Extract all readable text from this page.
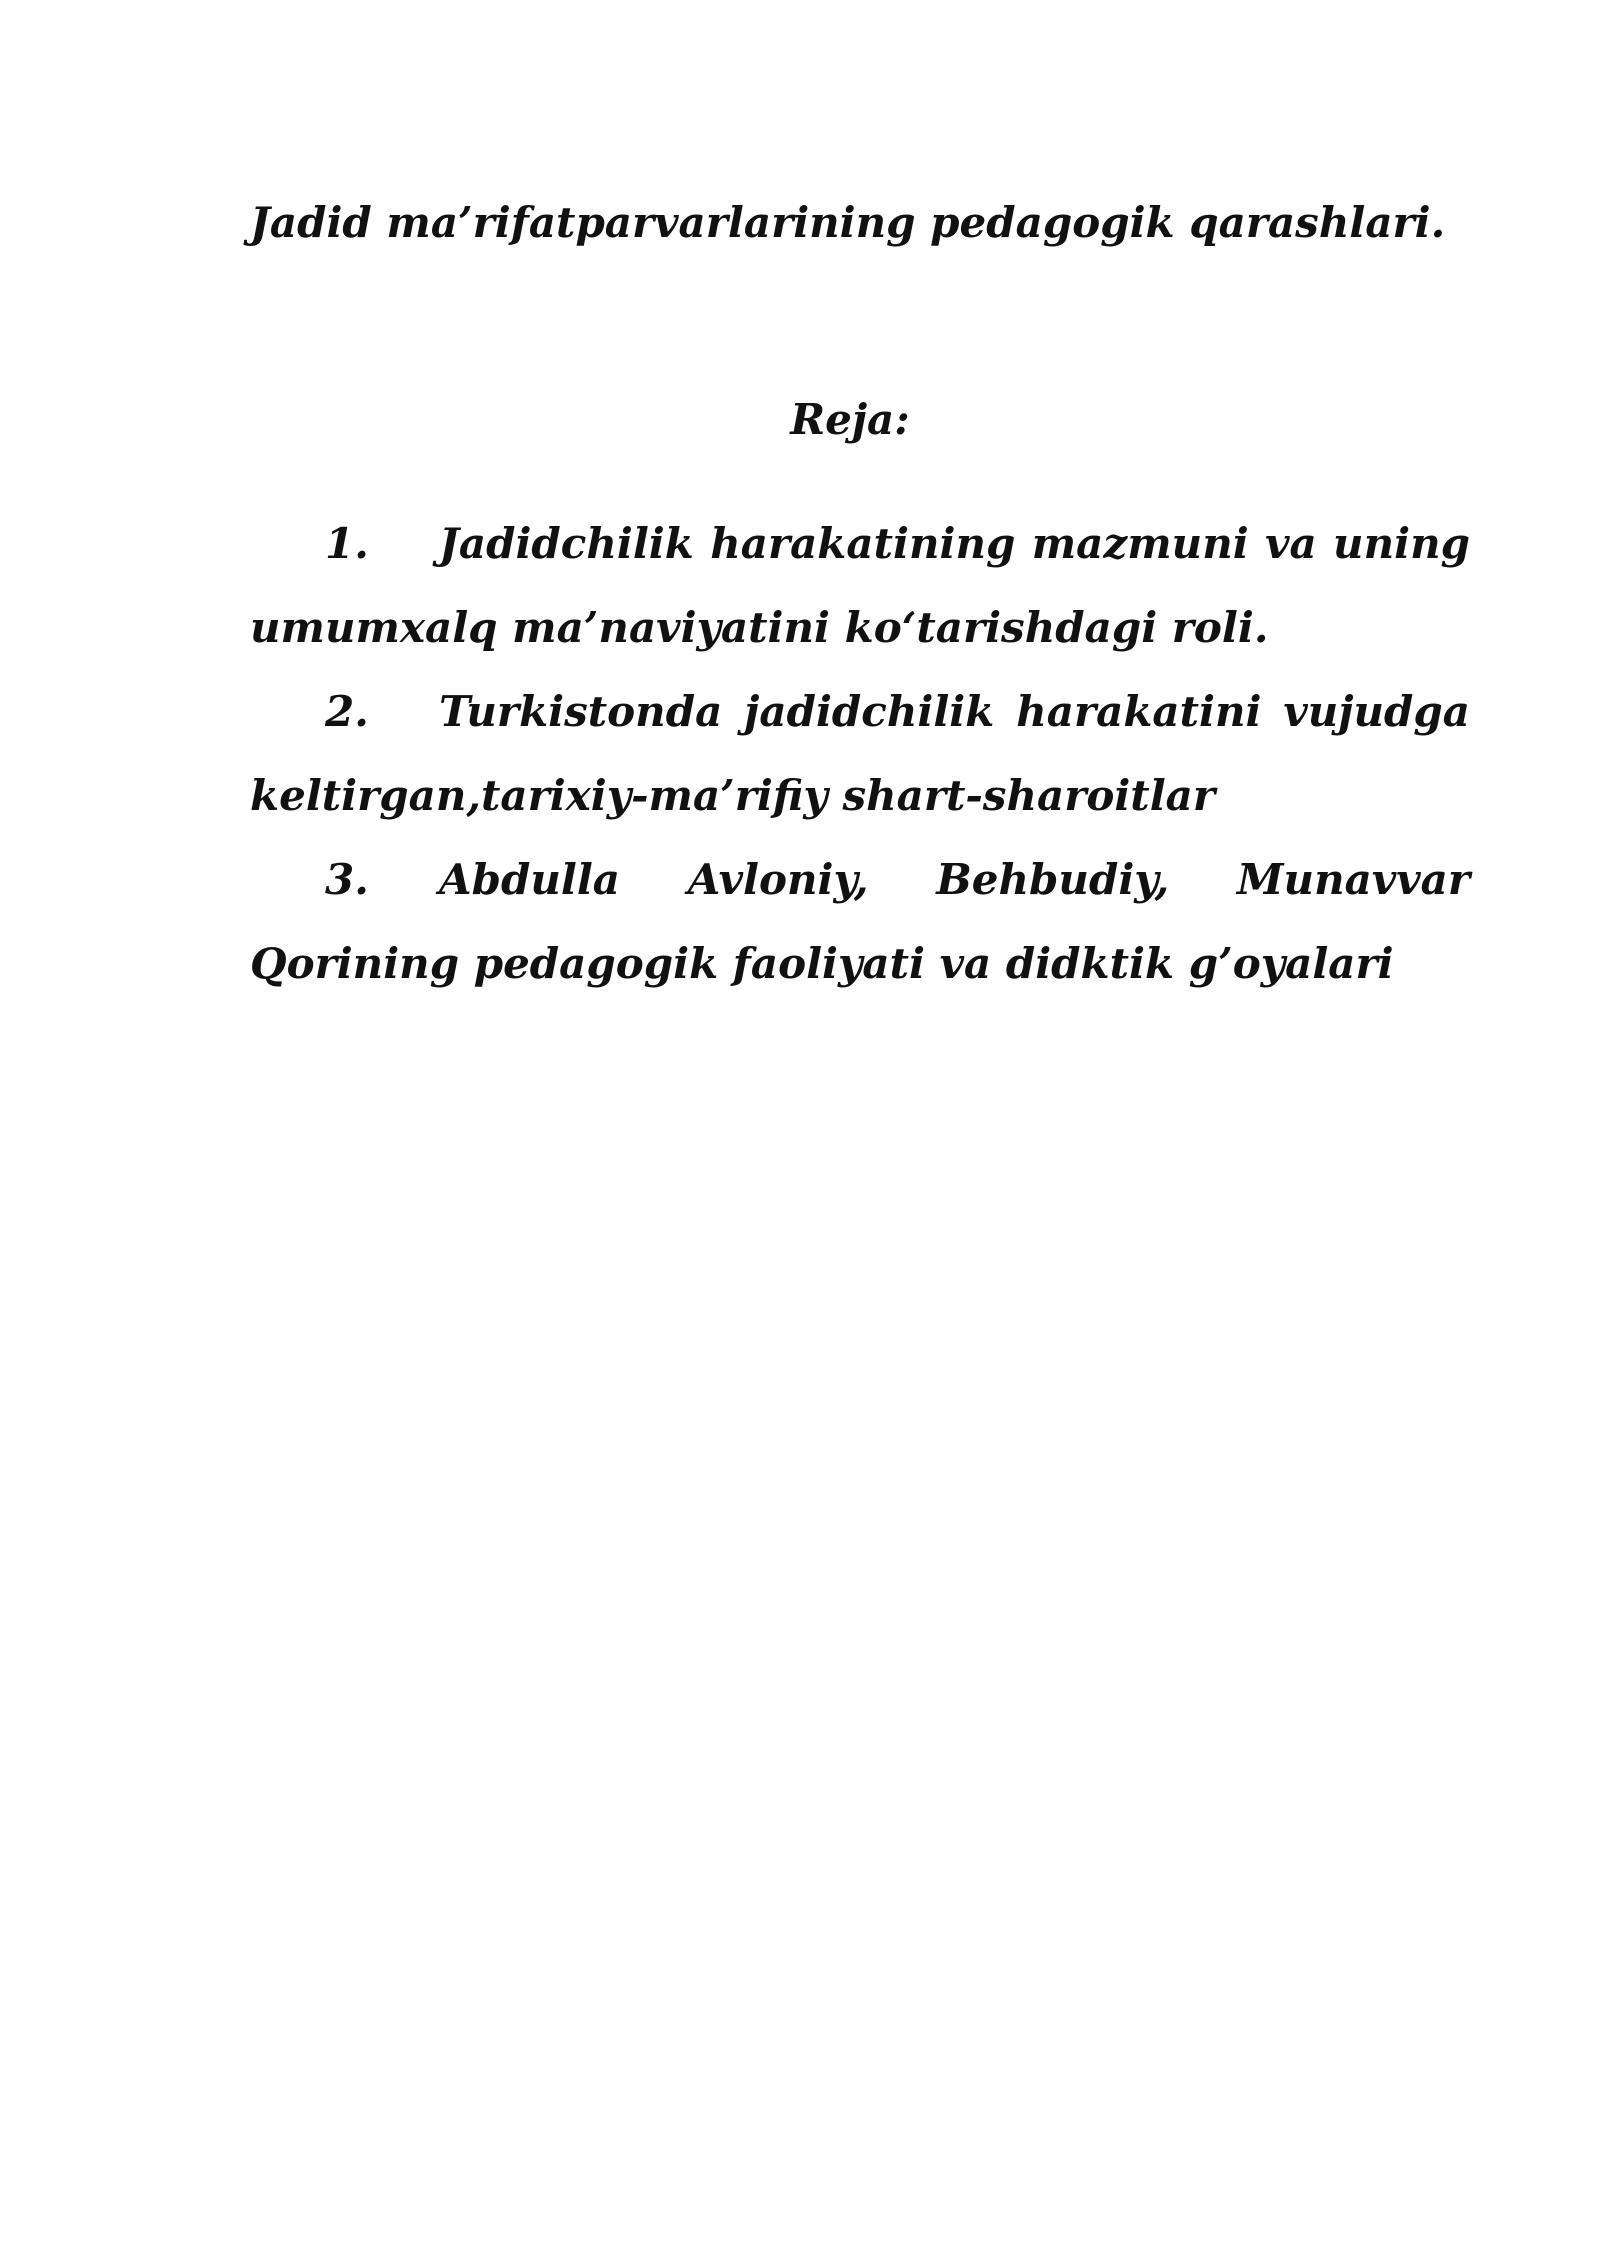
Jadid ma’rifatparvarlarining pedagogik qarashlari.
Reja:
1. Jadidchilik harakatining mazmuni va uning umumxalq ma’naviyatini ko‘tarishdagi roli.
2. Turkistonda jadidchilik harakatini vujudga keltirgan,tarixiy-ma’rifiy shart-sharoitlar
3. Abdulla Avloniy, Behbudiy, Munavvar Qorining pedagogik faoliyati va didktik g’oyalari
